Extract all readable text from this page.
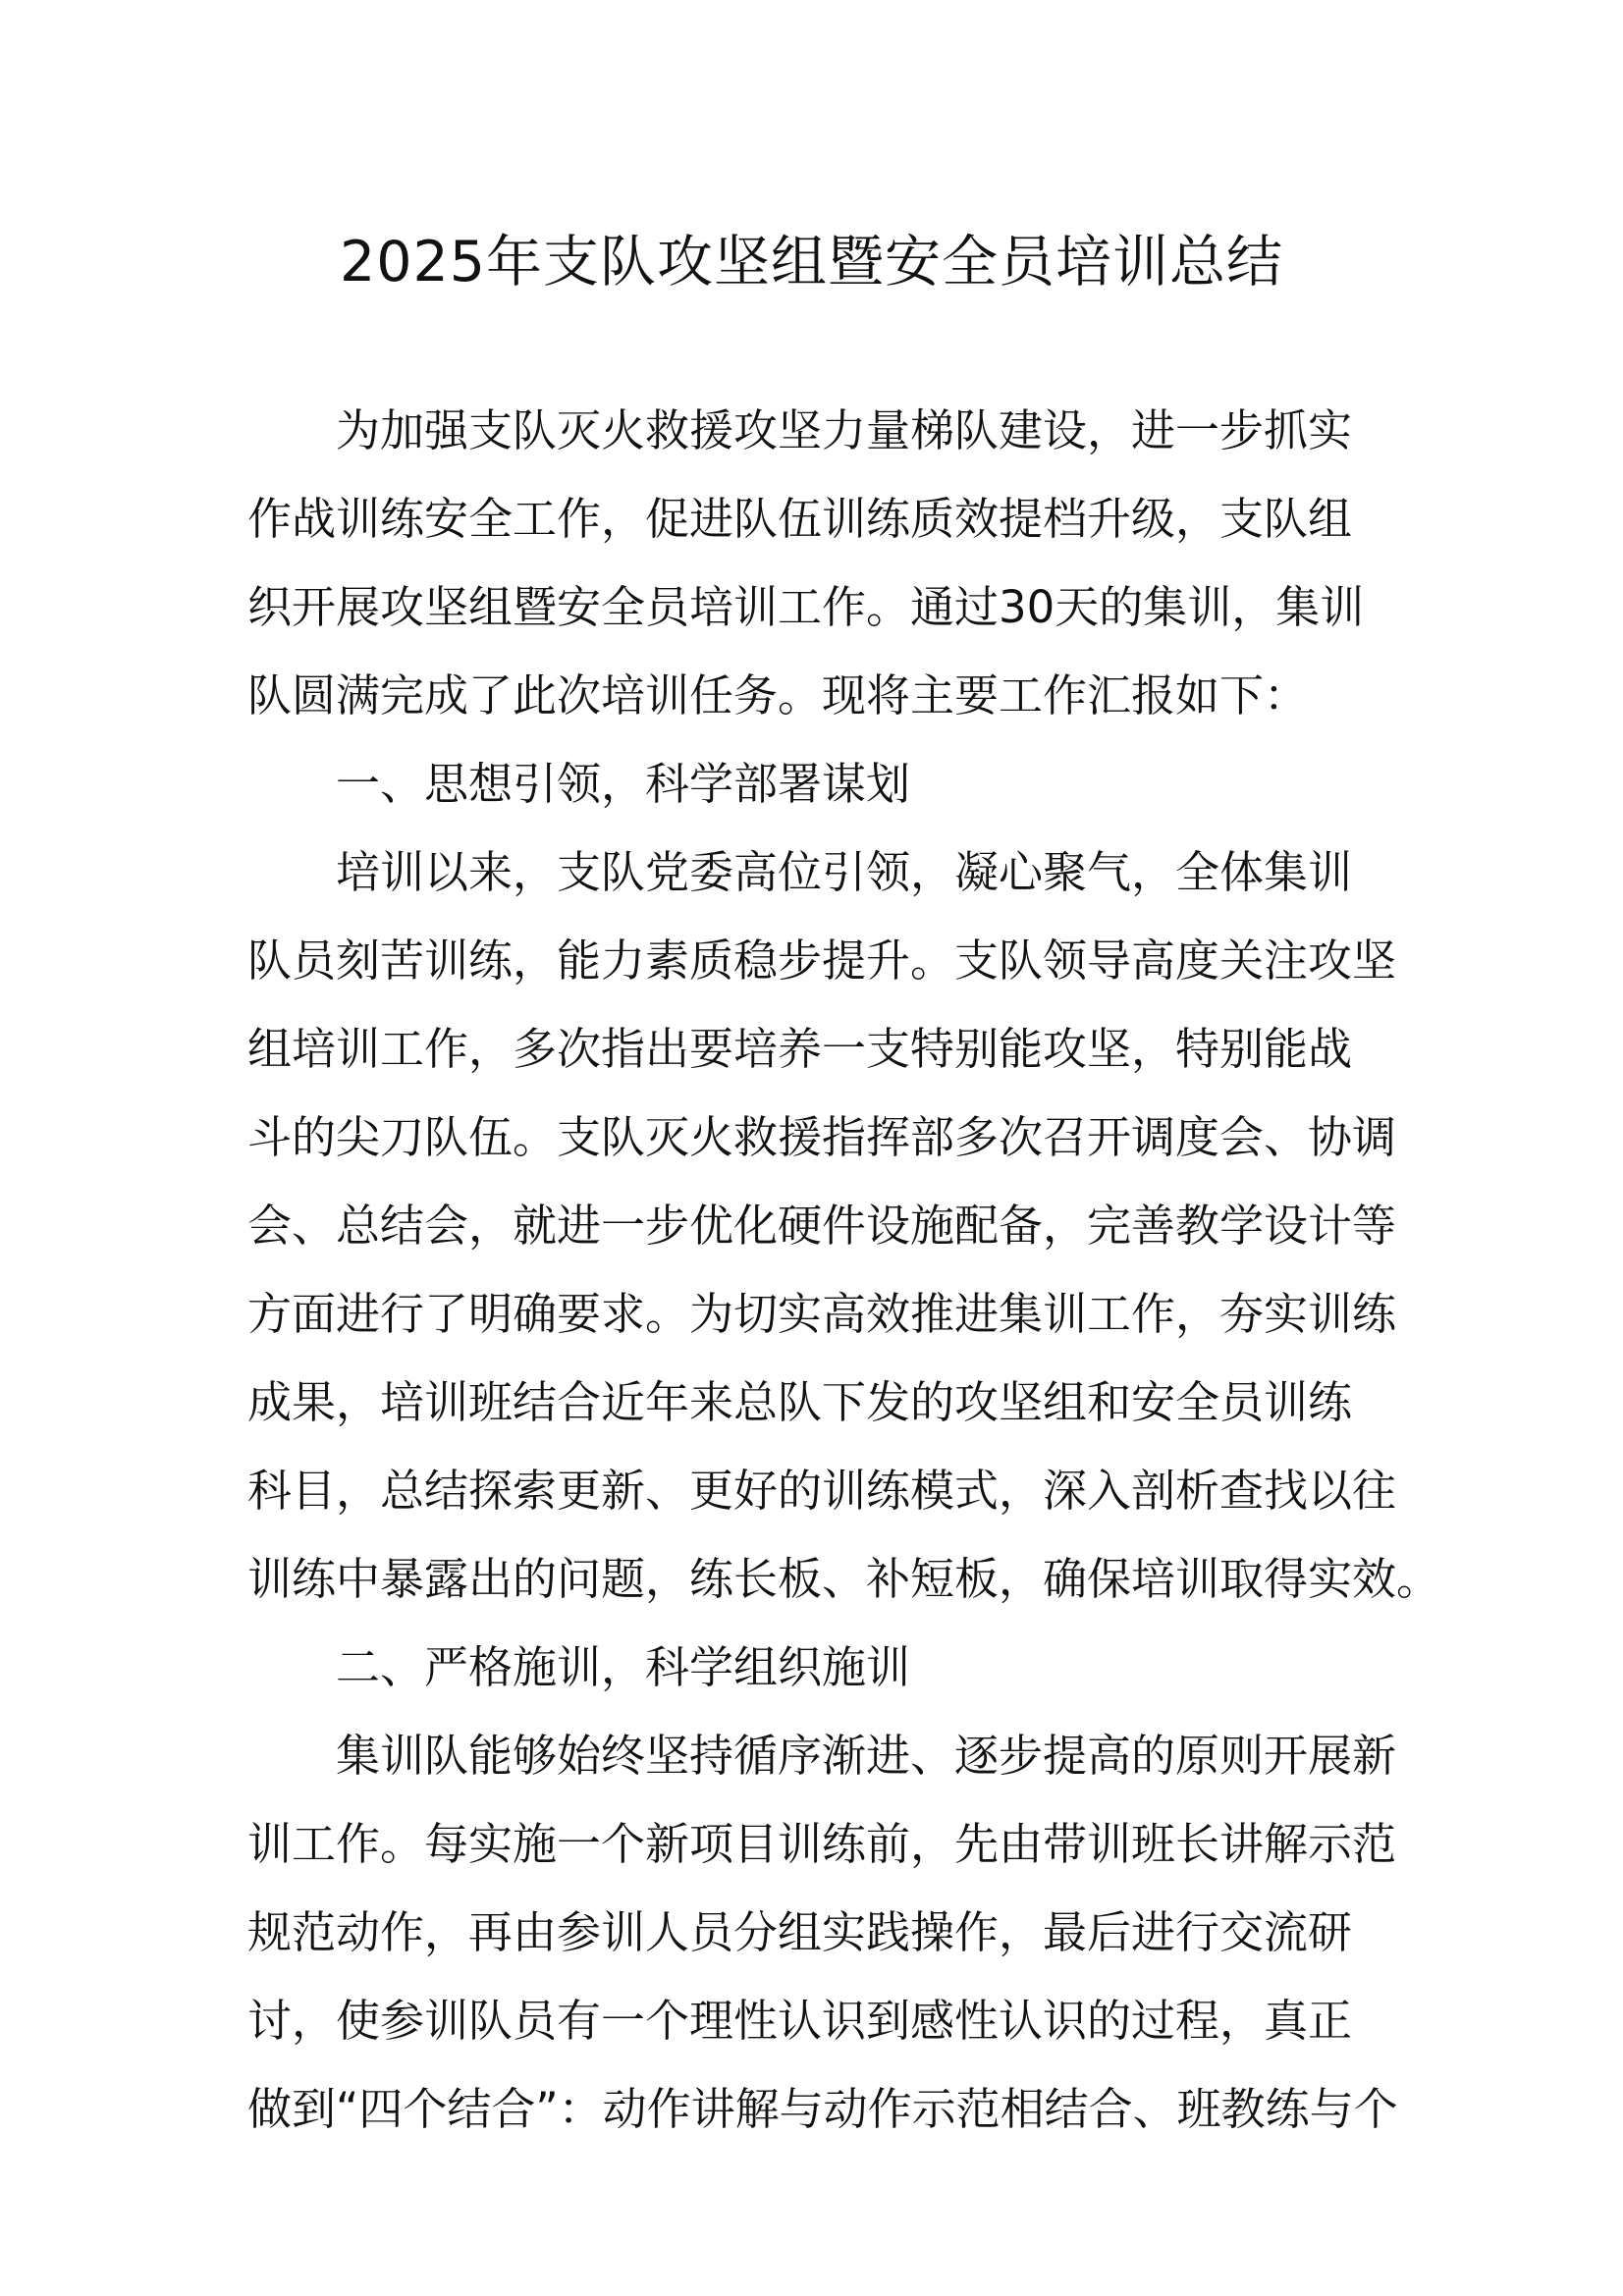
2025年支队攻坚组暨安全员培训总结
为加强支队灭火救援攻坚力量梯队建设，进一步抓实
作战训练安全工作，促进队伍训练质效提档升级，支队组
织开展攻坚组暨安全员培训工作。通过30天的集训，集训
队圆满完成了此次培训任务。现将主要工作汇报如下：
一、思想引领，科学部署谋划
培训以来，支队党委高位引领，凝心聚气，全体集训
队员刻苦训练，能力素质稳步提升。支队领导高度关注攻坚
组培训工作，多次指出要培养一支特别能攻坚，特别能战
斗的尖刀队伍。支队灭火救援指挥部多次召开调度会、协调
会、总结会，就进一步优化硬件设施配备，完善教学设计等
方面进行了明确要求。为切实高效推进集训工作，夯实训练
成果，培训班结合近年来总队下发的攻坚组和安全员训练
科目，总结探索更新、更好的训练模式，深入剖析查找以往
训练中暴露出的问题，练长板、补短板，确保培训取得实效。
二、严格施训，科学组织施训
集训队能够始终坚持循序渐进、逐步提高的原则开展新
训工作。每实施一个新项目训练前，先由带训班长讲解示范
规范动作，再由参训人员分组实践操作，最后进行交流研
讨，使参训队员有一个理性认识到感性认识的过程，真正
做到“四个结合”：动作讲解与动作示范相结合、班教练与个
